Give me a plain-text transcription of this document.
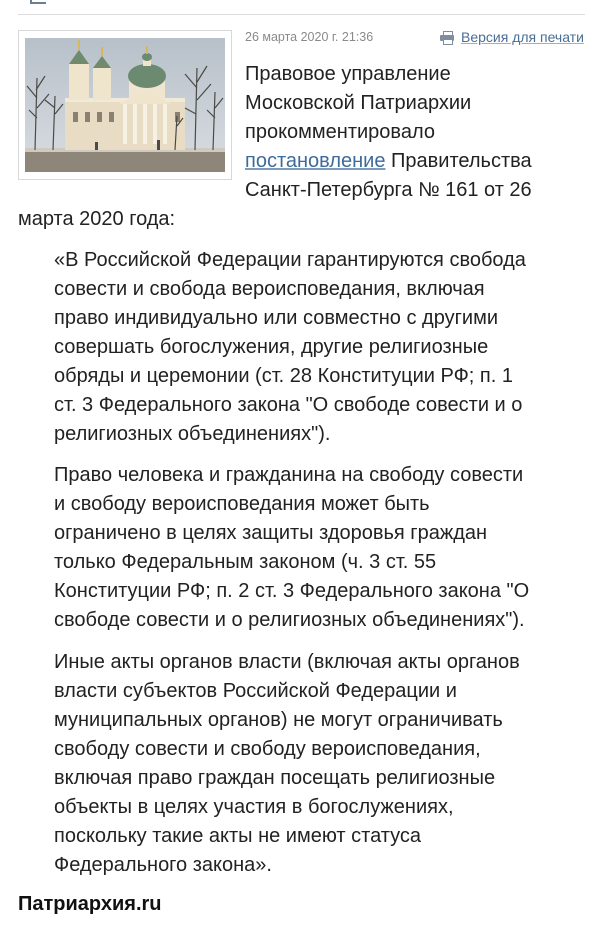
26 марта 2020 г. 21:36	Версия для печати
Правовое управление
Московской Патриархии
прокомментировало
постановление Правительства
Санкт-Петербурга № 161 от 26
марта 2020 года:
«В Российской Федерации гарантируются свобода
совести и свобода вероисповедания, включая
право индивидуально или совместно с другими
совершать богослужения, другие религиозные
обряды и церемонии (ст. 28 Конституции РФ; п. 1
ст. 3 Федерального закона "О свободе совести и о
религиозных объединениях").
Право человека и гражданина на свободу совести
и свободу вероисповедания может быть
ограничено в целях защиты здоровья граждан
только Федеральным законом (ч. 3 ст. 55
Конституции РФ; п. 2 ст. 3 Федерального закона "О
свободе совести и о религиозных объединениях").
Иные акты органов власти (включая акты органов
власти субъектов Российской Федерации и
муниципальных органов) не могут ограничивать
свободу совести и свободу вероисповедания,
включая право граждан посещать религиозные
объекты в целях участия в богослужениях,
поскольку такие акты не имеют статуса
Федерального закона».
Патриархия.ru
